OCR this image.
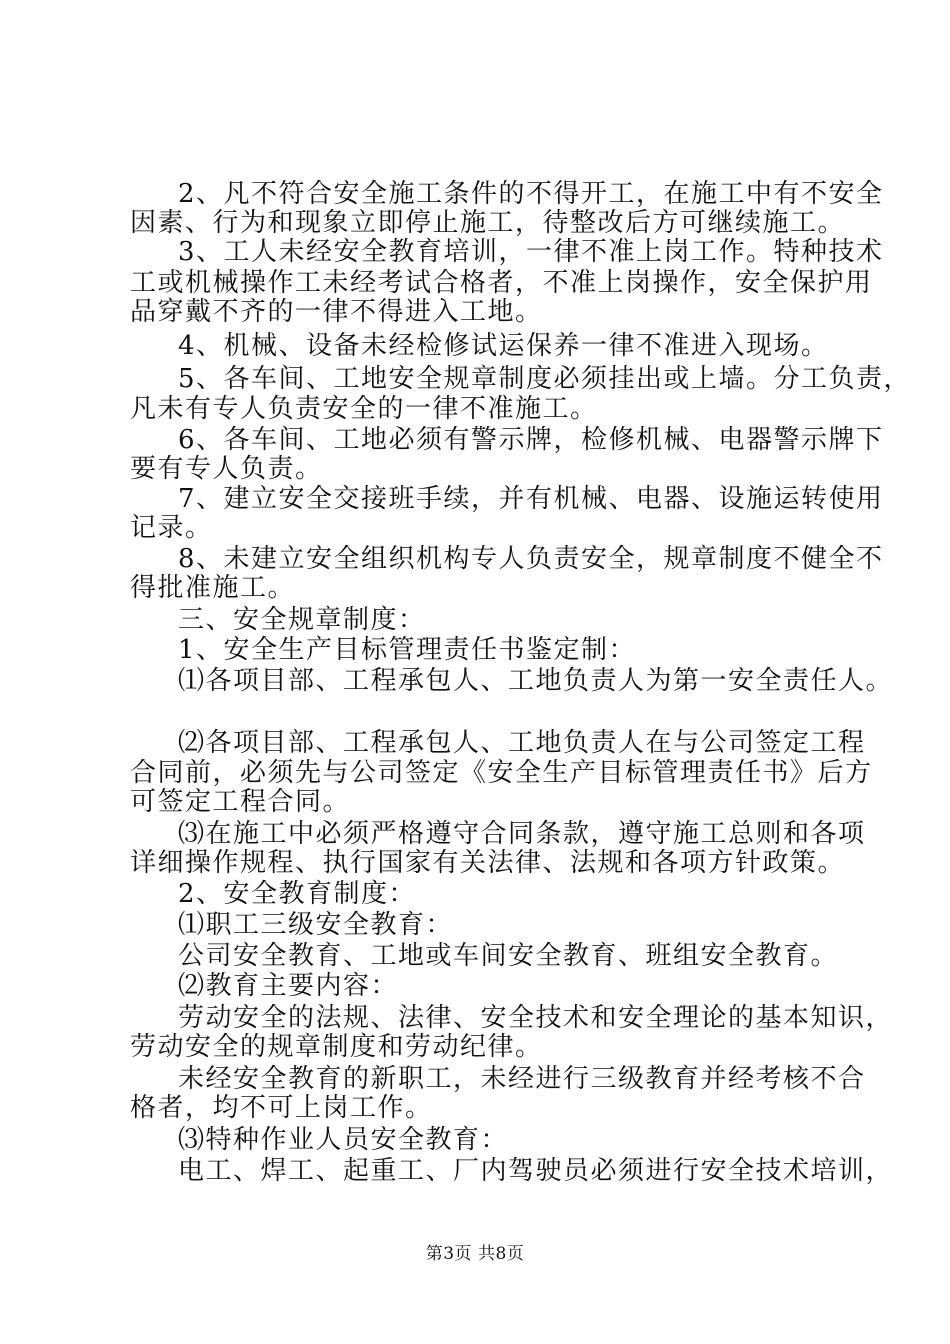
2、凡不符合安全施工条件的不得开工，在施工中有不安全
因素、行为和现象立即停止施工，待整改后方可继续施工。
3、工人未经安全教育培训，一律不准上岗工作。特种技术
工或机械操作工未经考试合格者，不准上岗操作，安全保护用
品穿戴不齐的一律不得进入工地。
4、机械、设备未经检修试运保养一律不准进入现场。
5、各车间、工地安全规章制度必须挂出或上墙。分工负责，
凡未有专人负责安全的一律不准施工。
6、各车间、工地必须有警示牌，检修机械、电器警示牌下
要有专人负责。
7、建立安全交接班手续，并有机械、电器、设施运转使用
记录。
8、未建立安全组织机构专人负责安全，规章制度不健全不
得批准施工。
三、安全规章制度：
1、安全生产目标管理责任书鉴定制：
⑴各项目部、工程承包人、工地负责人为第一安全责任人。
⑵各项目部、工程承包人、工地负责人在与公司签定工程
合同前，必须先与公司签定《安全生产目标管理责任书》后方
可签定工程合同。
⑶在施工中必须严格遵守合同条款，遵守施工总则和各项
详细操作规程、执行国家有关法律、法规和各项方针政策。
2、安全教育制度：
⑴职工三级安全教育：
公司安全教育、工地或车间安全教育、班组安全教育。
⑵教育主要内容：
劳动安全的法规、法律、安全技术和安全理论的基本知识，
劳动安全的规章制度和劳动纪律。
未经安全教育的新职工，未经进行三级教育并经考核不合
格者，均不可上岗工作。
⑶特种作业人员安全教育：
电工、焊工、起重工、厂内驾驶员必须进行安全技术培训，
第3页 共8页
